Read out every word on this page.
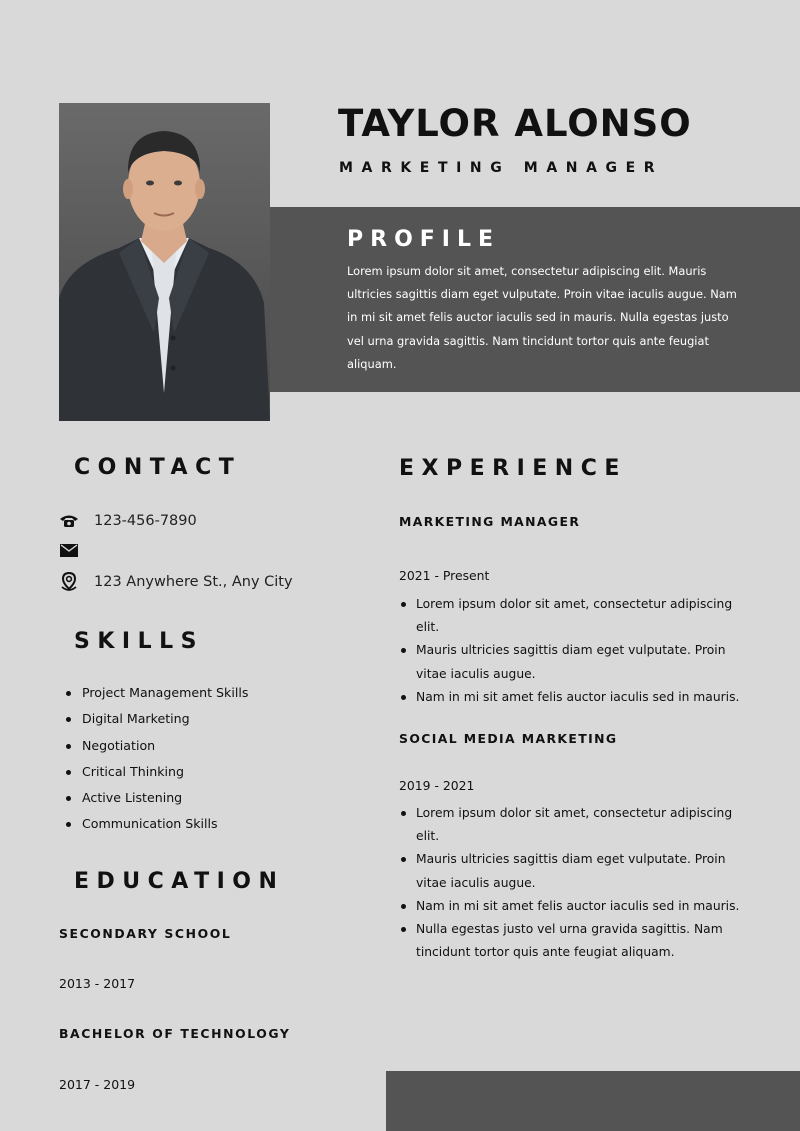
TAYLOR ALONSO
MARKETING MANAGER
PROFILE
Lorem ipsum dolor sit amet, consectetur adipiscing elit. Mauris ultricies sagittis diam eget vulputate. Proin vitae iaculis augue. Nam in mi sit amet felis auctor iaculis sed in mauris. Nulla egestas justo vel urna gravida sagittis. Nam tincidunt tortor quis ante feugiat aliquam.
CONTACT
123-456-7890
123 Anywhere St., Any City
SKILLS
Project Management Skills
Digital Marketing
Negotiation
Critical Thinking
Active Listening
Communication Skills
EDUCATION
SECONDARY SCHOOL
2013 - 2017
BACHELOR OF TECHNOLOGY
2017 - 2019
EXPERIENCE
MARKETING MANAGER
2021 - Present
Lorem ipsum dolor sit amet, consectetur adipiscing elit.
Mauris ultricies sagittis diam eget vulputate. Proin vitae iaculis augue.
Nam in mi sit amet felis auctor iaculis sed in mauris.
SOCIAL MEDIA MARKETING
2019 - 2021
Lorem ipsum dolor sit amet, consectetur adipiscing elit.
Mauris ultricies sagittis diam eget vulputate. Proin vitae iaculis augue.
Nam in mi sit amet felis auctor iaculis sed in mauris.
Nulla egestas justo vel urna gravida sagittis. Nam tincidunt tortor quis ante feugiat aliquam.
